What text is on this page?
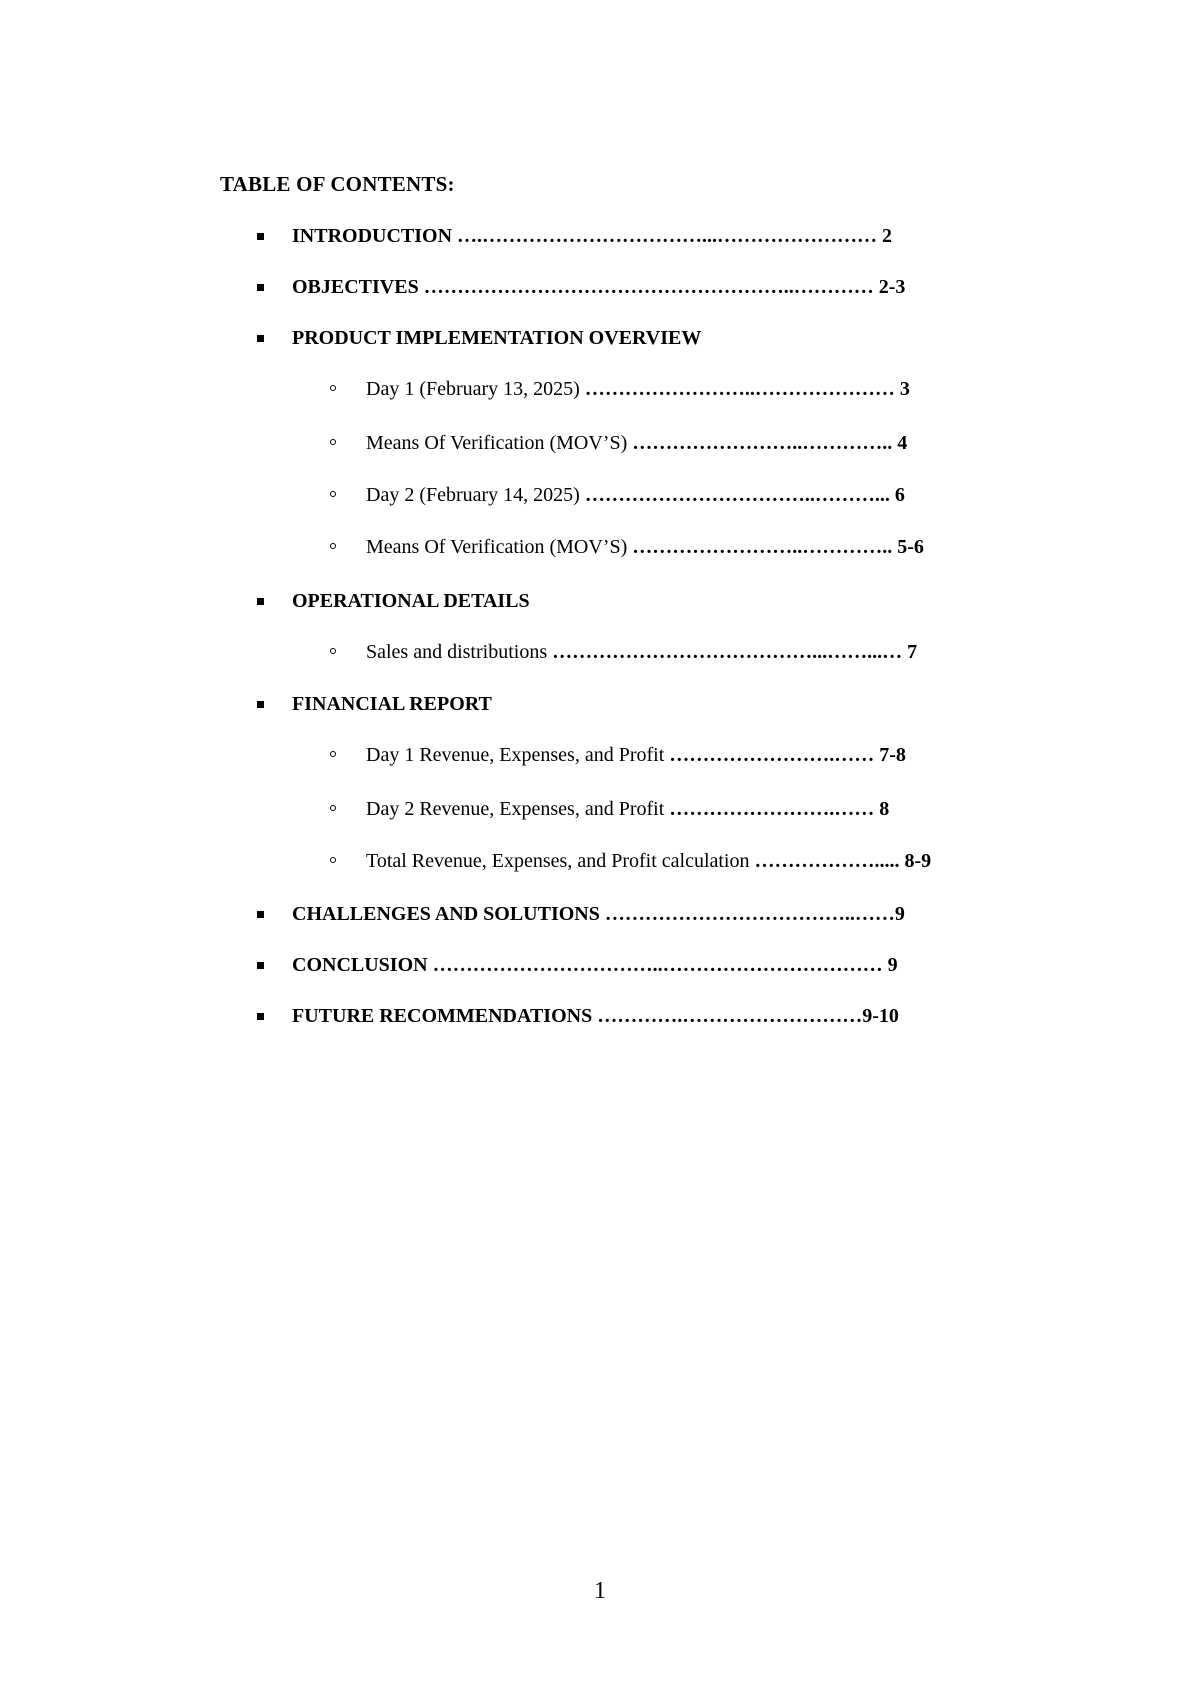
TABLE OF CONTENTS:
INTRODUCTION ….……………………………...…………………… 2
OBJECTIVES ………………………………………………..………… 2-3
PRODUCT IMPLEMENTATION OVERVIEW
Day 1 (February 13, 2025) ……………………..………………… 3
Means Of Verification (MOV’S) ……………………..………….. 4
Day 2 (February 14, 2025) ……………………………..………... 6
Means Of Verification (MOV’S) ……………………..………….. 5-6
OPERATIONAL DETAILS
Sales and distributions …………………………………...……...… 7
FINANCIAL REPORT
Day 1 Revenue, Expenses, and Profit …………………….…… 7-8
Day 2 Revenue, Expenses, and Profit …………………….…… 8
Total Revenue, Expenses, and Profit calculation ………………..... 8-9
CHALLENGES AND SOLUTIONS ………………………………..……9
CONCLUSION ……………………………..…………………………… 9
FUTURE RECOMMENDATIONS ………….………………………9-10

1
